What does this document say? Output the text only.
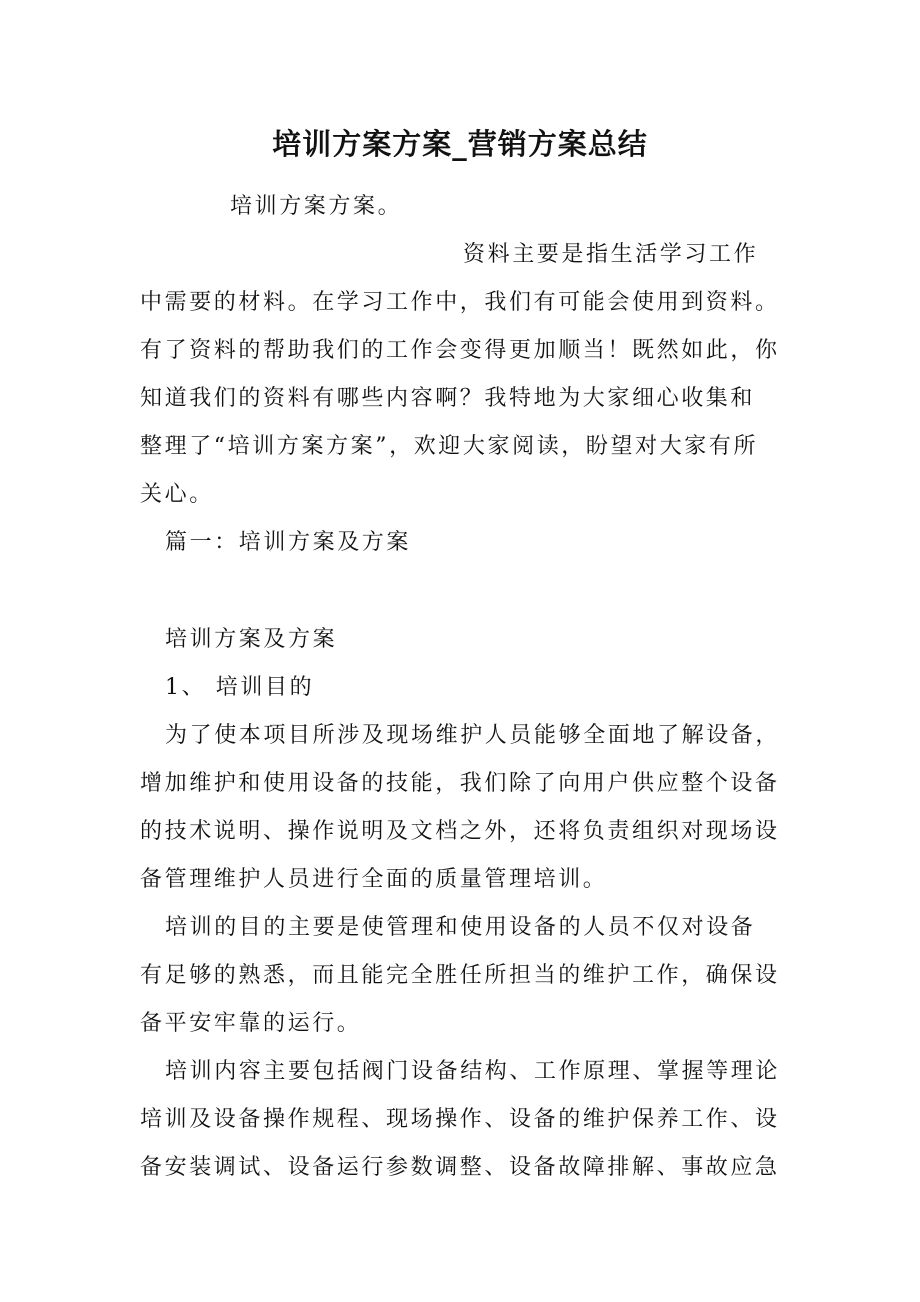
培训方案方案_营销方案总结
培训方案方案。
资料主要是指生活学习工作
中需要的材料。在学习工作中，我们有可能会使用到资料。
有了资料的帮助我们的工作会变得更加顺当！既然如此，你
知道我们的资料有哪些内容啊？我特地为大家细心收集和
整理了“培训方案方案”，欢迎大家阅读，盼望对大家有所
关心。
篇一：培训方案及方案
培训方案及方案
1、 培训目的
为了使本项目所涉及现场维护人员能够全面地了解设备，
增加维护和使用设备的技能，我们除了向用户供应整个设备
的技术说明、操作说明及文档之外，还将负责组织对现场设
备管理维护人员进行全面的质量管理培训。
培训的目的主要是使管理和使用设备的人员不仅对设备
有足够的熟悉，而且能完全胜任所担当的维护工作，确保设
备平安牢靠的运行。
培训内容主要包括阀门设备结构、工作原理、掌握等理论
培训及设备操作规程、现场操作、设备的维护保养工作、设
备安装调试、设备运行参数调整、设备故障排解、事故应急
